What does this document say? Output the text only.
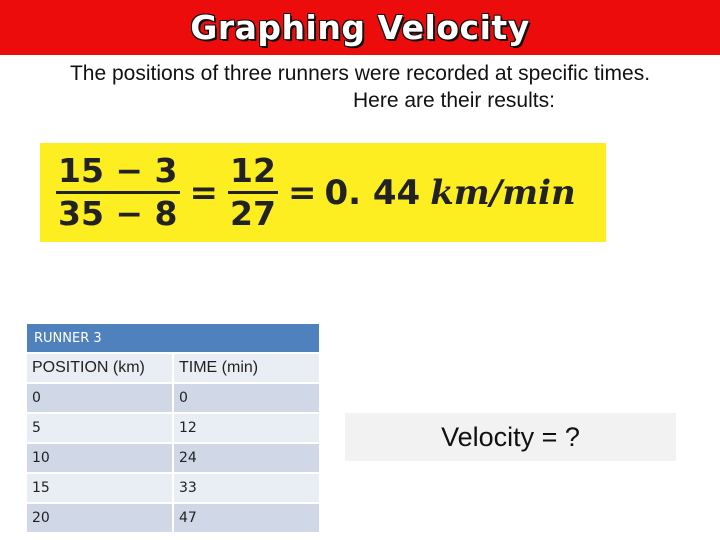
Graphing Velocity
The positions of three runners were recorded at specific times.
Here are their results:
$\frac{15 - 3}{35 - 8} = \frac{12}{27} = 0$. 44 km/min
RUNNER 3
POSITION (km)	TIME (min)
0	0
5	12
10	24
15	33
20	47
Velocity = ?
